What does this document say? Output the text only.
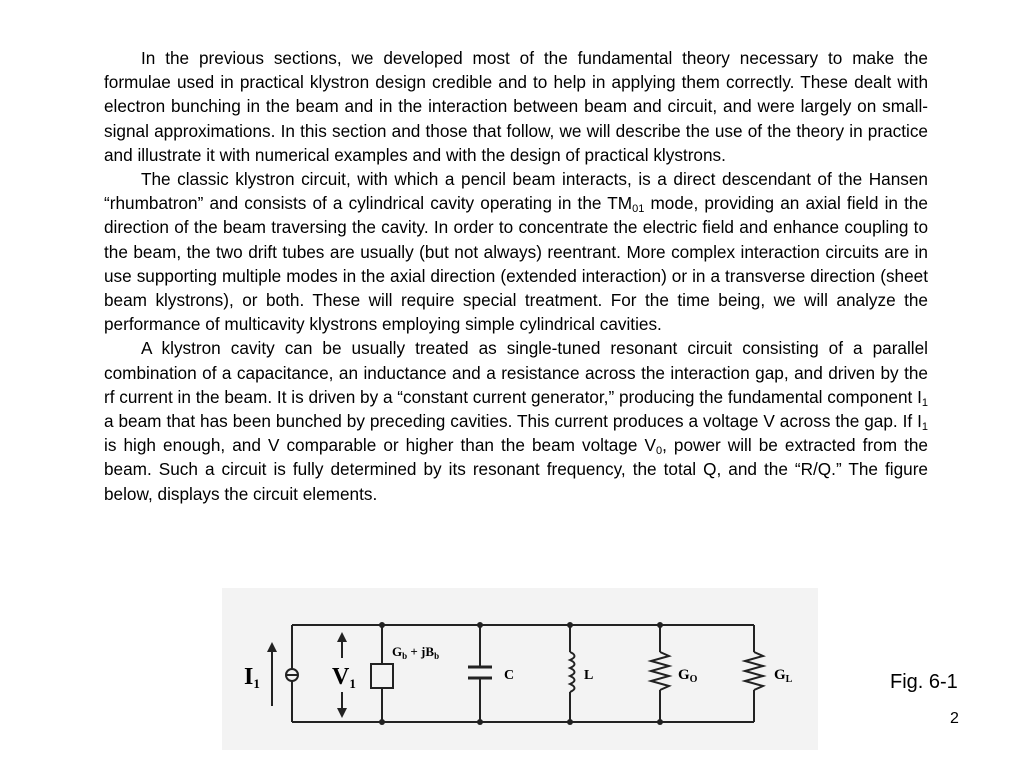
In the previous sections, we developed most of the fundamental theory necessary to make the formulae used in practical klystron design credible and to help in applying them correctly. These dealt with electron bunching in the beam and in the interaction between beam and circuit, and were largely on small-signal approximations. In this section and those that follow, we will describe the use of the theory in practice and illustrate it with numerical examples and with the design of practical klystrons.

The classic klystron circuit, with which a pencil beam interacts, is a direct descendant of the Hansen “rhumbatron” and consists of a cylindrical cavity operating in the $TM_{01}$ mode, providing an axial field in the direction of the beam traversing the cavity. In order to concentrate the electric field and enhance coupling to the beam, the two drift tubes are usually (but not always) reentrant. More complex interaction circuits are in use supporting multiple modes in the axial direction (extended interaction) or in a transverse direction (sheet beam klystrons), or both. These will require special treatment. For the time being, we will analyze the performance of multicavity klystrons employing simple cylindrical cavities.

A klystron cavity can be usually treated as single-tuned resonant circuit consisting of a parallel combination of a capacitance, an inductance and a resistance across the interaction gap, and driven by the rf current in the beam. It is driven by a “constant current generator,” producing the fundamental component $I_1$ a beam that has been bunched by preceding cavities. This current produces a voltage V across the gap. If $I_1$ is high enough, and V comparable or higher than the beam voltage $V_0$, power will be extracted from the beam. Such a circuit is fully determined by its resonant frequency, the total Q, and the “R/Q.” The figure below, displays the circuit elements.

I1	V1
$G_b + jB_b$
C	L	$G_O$	$G_L$	Fig. 6-1
2
